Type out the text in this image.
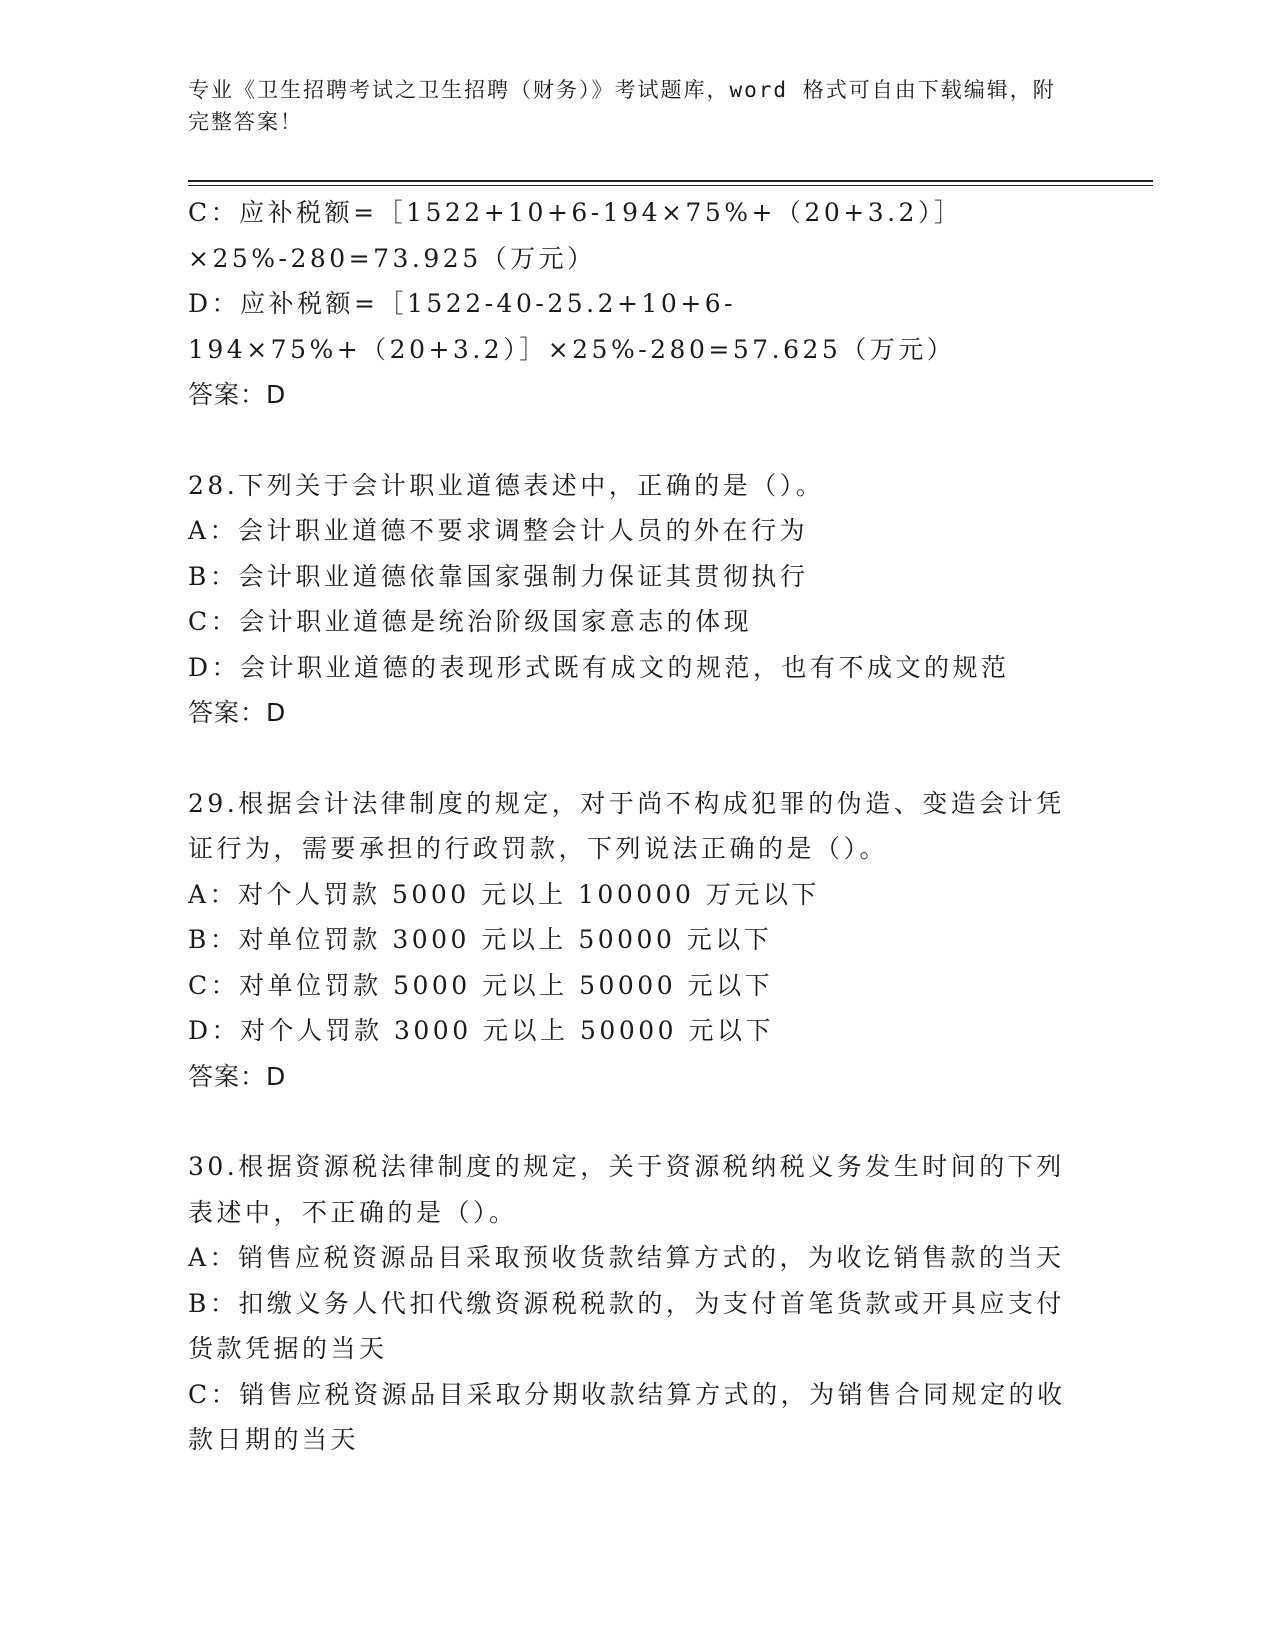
专业《卫生招聘考试之卫生招聘（财务）》考试题库，word 格式可自由下载编辑，附完整答案！
C：应补税额=［1522+10+6-194×75%+（20+3.2）］×25%-280=73.925（万元）
D：应补税额=［1522-40-25.2+10+6-194×75%+（20+3.2）］×25%-280=57.625（万元）
答案：D
28.下列关于会计职业道德表述中，正确的是（）。
A：会计职业道德不要求调整会计人员的外在行为
B：会计职业道德依靠国家强制力保证其贯彻执行
C：会计职业道德是统治阶级国家意志的体现
D：会计职业道德的表现形式既有成文的规范，也有不成文的规范
答案：D
29.根据会计法律制度的规定，对于尚不构成犯罪的伪造、变造会计凭证行为，需要承担的行政罚款，下列说法正确的是（）。
A：对个人罚款 5000 元以上 100000 万元以下
B：对单位罚款 3000 元以上 50000 元以下
C：对单位罚款 5000 元以上 50000 元以下
D：对个人罚款 3000 元以上 50000 元以下
答案：D
30.根据资源税法律制度的规定，关于资源税纳税义务发生时间的下列表述中，不正确的是（）。
A：销售应税资源品目采取预收货款结算方式的，为收讫销售款的当天
B：扣缴义务人代扣代缴资源税税款的，为支付首笔货款或开具应支付货款凭据的当天
C：销售应税资源品目采取分期收款结算方式的，为销售合同规定的收款日期的当天
